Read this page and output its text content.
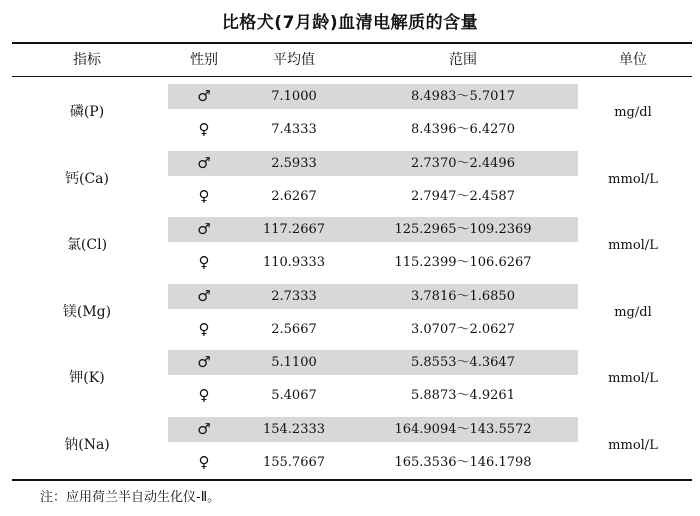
比格犬(7月龄)血清电解质的含量
指标	性别	平均值	范围	单位
磷(P)	mg/dl
♂	7.1000	8.4983～5.7017
♀	7.4333	8.4396～6.4270
钙(Ca)	mmol/L
♂	2.5933	2.7370～2.4496
♀	2.6267	2.7947～2.4587
氯(Cl)	mmol/L
♂	117.2667	125.2965～109.2369
♀	110.9333	115.2399～106.6267
镁(Mg)	mg/dl
♂	2.7333	3.7816～1.6850
♀	2.5667	3.0707～2.0627
钾(K)	mmol/L
♂	5.1100	5.8553～4.3647
♀	5.4067	5.8873～4.9261
钠(Na)	mmol/L
♂	154.2333	164.9094～143.5572
♀	155.7667	165.3536～146.1798
注：应用荷兰半自动生化仪-Ⅱ。
